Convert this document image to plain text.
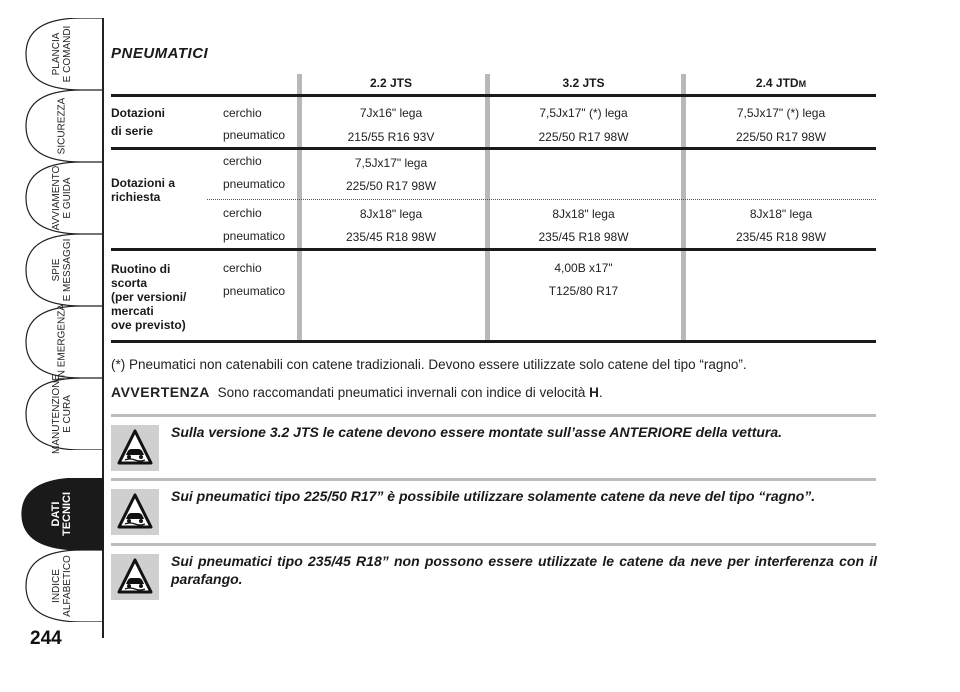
PLANCIA
E COMANDI
SICUREZZA
AVVIAMENTO
E GUIDA
SPIE
E MESSAGGI
IN EMERGENZA
MANUTENZIONE
E CURA
DATI
TECNICI
INDICE
ALFABETICO
244
PNEUMATICI
2.2 JTS	3.2 JTS	2.4 JTDM
Dotazioni
di serie
cerchio
pneumatico
7Jx16" lega
215/55 R16 93V
7,5Jx17" (*) lega
225/50 R17 98W
7,5Jx17" (*) lega
225/50 R17 98W
Dotazioni a
richiesta
cerchio
pneumatico
7,5Jx17" lega
225/50 R17 98W
cerchio
pneumatico
8Jx18" lega
235/45 R18 98W
8Jx18" lega
235/45 R18 98W
8Jx18" lega
235/45 R18 98W
Ruotino di
scorta
(per versioni/
mercati
ove previsto)
cerchio
pneumatico
4,00B x17"
T125/80 R17
(*) Pneumatici non catenabili con catene tradizionali. Devono essere utilizzate solo catene del tipo “ragno”.
AVVERTENZA Sono raccomandati pneumatici invernali con indice di velocità H.
Sulla versione 3.2 JTS le catene devono essere montate sull’asse ANTERIORE della vettura.
Sui pneumatici tipo 225/50 R17” è possibile utilizzare solamente catene da neve del tipo “ragno”.
Sui pneumatici tipo 235/45 R18” non possono essere utilizzate le catene da neve per interferenza con il parafango.
